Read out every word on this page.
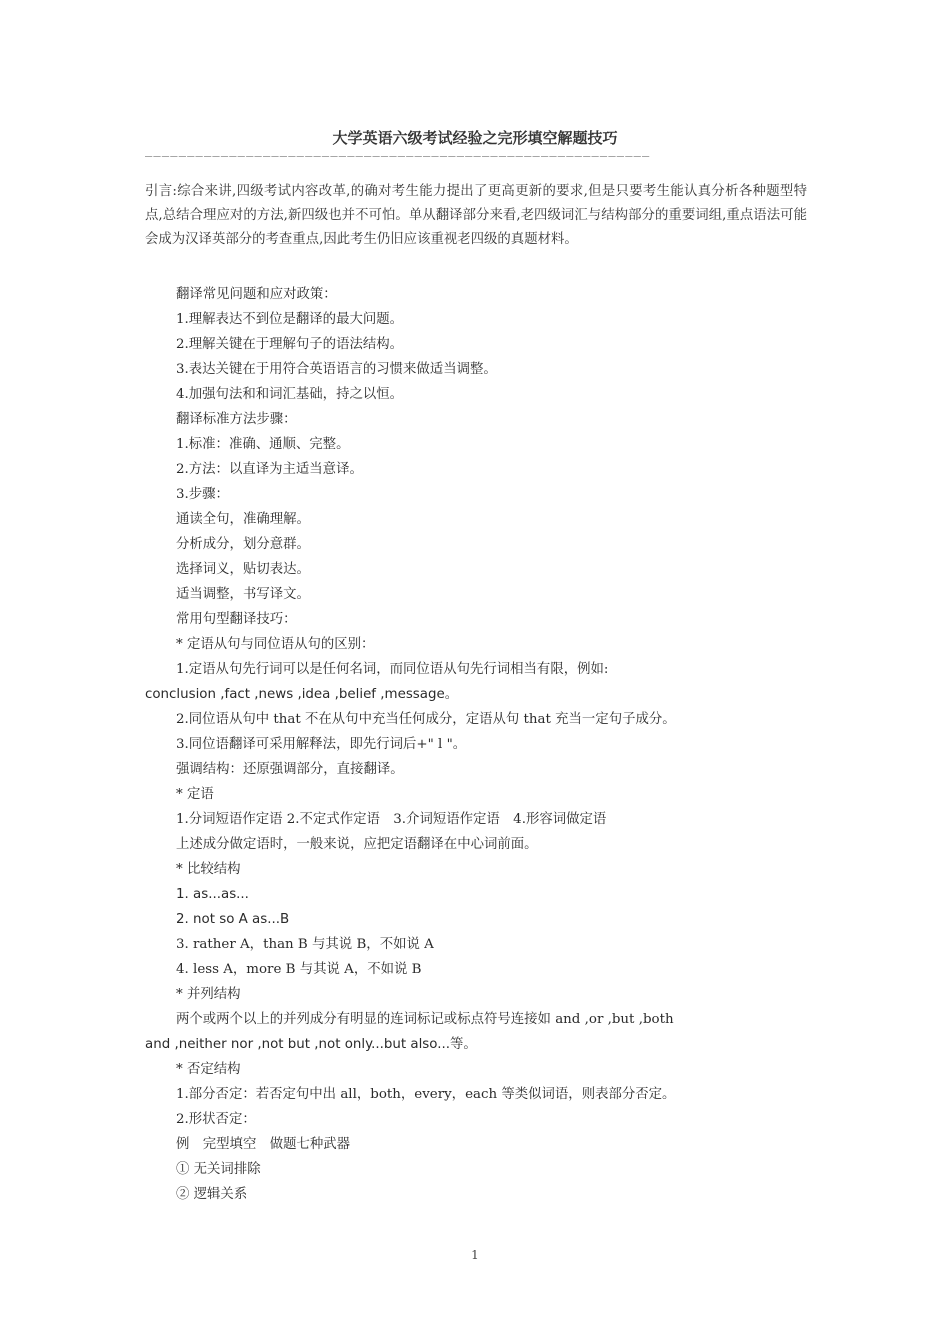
大学英语六级考试经验之完形填空解题技巧
————————————————————————————————————————————————————————————
引言:综合来讲,四级考试内容改革,的确对考生能力提出了更高更新的要求,但是只要考生能认真分析各种题型特点,总结合理应对的方法,新四级也并不可怕。单从翻译部分来看,老四级词汇与结构部分的重要词组,重点语法可能会成为汉译英部分的考查重点,因此考生仍旧应该重视老四级的真题材料。
翻译常见问题和应对政策：
1.理解表达不到位是翻译的最大问题。
2.理解关键在于理解句子的语法结构。
3.表达关键在于用符合英语语言的习惯来做适当调整。
4.加强句法和和词汇基础，持之以恒。
翻译标准方法步骤：
1.标准：准确、通顺、完整。
2.方法：以直译为主适当意译。
3.步骤：
通读全句，准确理解。
分析成分，划分意群。
选择词义，贴切表达。
适当调整，书写译文。
常用句型翻译技巧：
* 定语从句与同位语从句的区别：
1.定语从句先行词可以是任何名词，而同位语从句先行词相当有限，例如:
conclusion ,fact ,news ,idea ,belief ,message。
2.同位语从句中 that 不在从句中充当任何成分，定语从句 that 充当一定句子成分。
3.同位语翻译可采用解释法，即先行词后+" l "。
强调结构：还原强调部分，直接翻译。
* 定语
1.分词短语作定语 2.不定式作定语　3.介词短语作定语　4.形容词做定语
上述成分做定语时，一般来说，应把定语翻译在中心词前面。
* 比较结构
1. as...as...
2. not so A as...B
3. rather A，than B 与其说 B，不如说 A
4. less A，more B 与其说 A，不如说 B
* 并列结构
两个或两个以上的并列成分有明显的连词标记或标点符号连接如 and ,or ,but ,both
and ,neither nor ,not but ,not only...but also...等。
* 否定结构
1.部分否定：若否定句中出 all，both，every，each 等类似词语，则表部分否定。
2.形状否定：
例　完型填空　做题七种武器
① 无关词排除
② 逻辑关系
1
